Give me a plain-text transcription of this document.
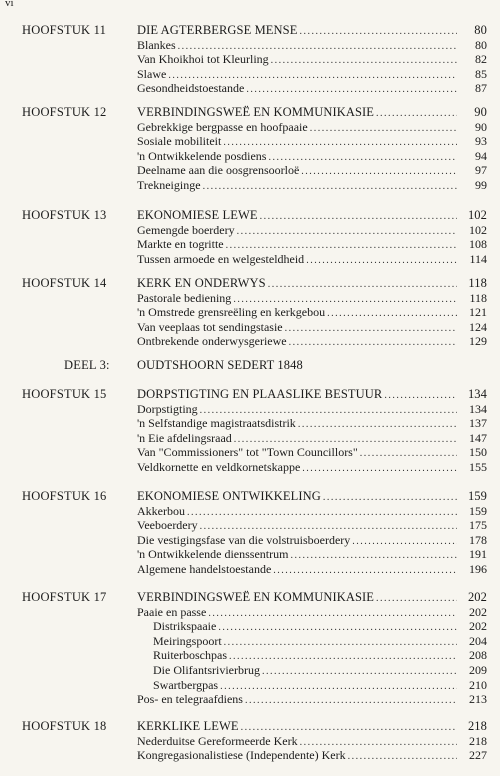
vi
HOOFSTUK 11 DIE AGTERBERGSE MENSE .....	80
Blankes .....	80
Van Khoikhoi tot Kleurling .....	82
Slawe .....	85
Gesondheidstoestande .....	87
HOOFSTUK 12 VERBINDINGSWEË EN KOMMUNIKASIE .....	90
Gebrekkige bergpasse en hoofpaaie .....	90
Sosiale mobiliteit .....	93
'n Ontwikkelende posdiens .....	94
Deelname aan die oosgrensoorloë .....	97
Trekneiginge .....	99
HOOFSTUK 13 EKONOMIESE LEWE .....	102
Gemengde boerdery .....	102
Markte en togritte .....	108
Tussen armoede en welgesteldheid .....	114
HOOFSTUK 14 KERK EN ONDERWYS .....	118
Pastorale bediening .....	118
'n Omstrede grensreëling en kerkgebou .....	121
Van veeplaas tot sendingstasie .....	124
Ontbrekende onderwysgeriewe .....	129
DEEL 3: OUDTSHOORN SEDERT 1848
HOOFSTUK 15 DORPSTIGTING EN PLAASLIKE BESTUUR .....	134
Dorpstigting .....	134
'n Selfstandige magistraatsdistrik .....	137
'n Eie afdelingsraad .....	147
Van "Commissioners" tot "Town Councillors" .....	150
Veldkornette en veldkornetskappe .....	155
HOOFSTUK 16 EKONOMIESE ONTWIKKELING .....	159
Akkerbou .....	159
Veeboerdery .....	175
Die vestigingsfase van die volstruisboerdery .....	178
'n Ontwikkelende dienssentrum .....	191
Algemene handelstoestande .....	196
HOOFSTUK 17 VERBINDINGSWEË EN KOMMUNIKASIE .....	202
Paaie en passe .....	202
Distrikspaaie .....	202
Meiringspoort .....	204
Ruiterboschpas .....	208
Die Olifantsrivierbrug .....	209
Swartbergpas .....	210
Pos- en telegraafdiens .....	213
HOOFSTUK 18 KERKLIKE LEWE .....	218
Nederduitse Gereformeerde Kerk .....	218
Kongregasionalistiese (Independente) Kerk .....	227
